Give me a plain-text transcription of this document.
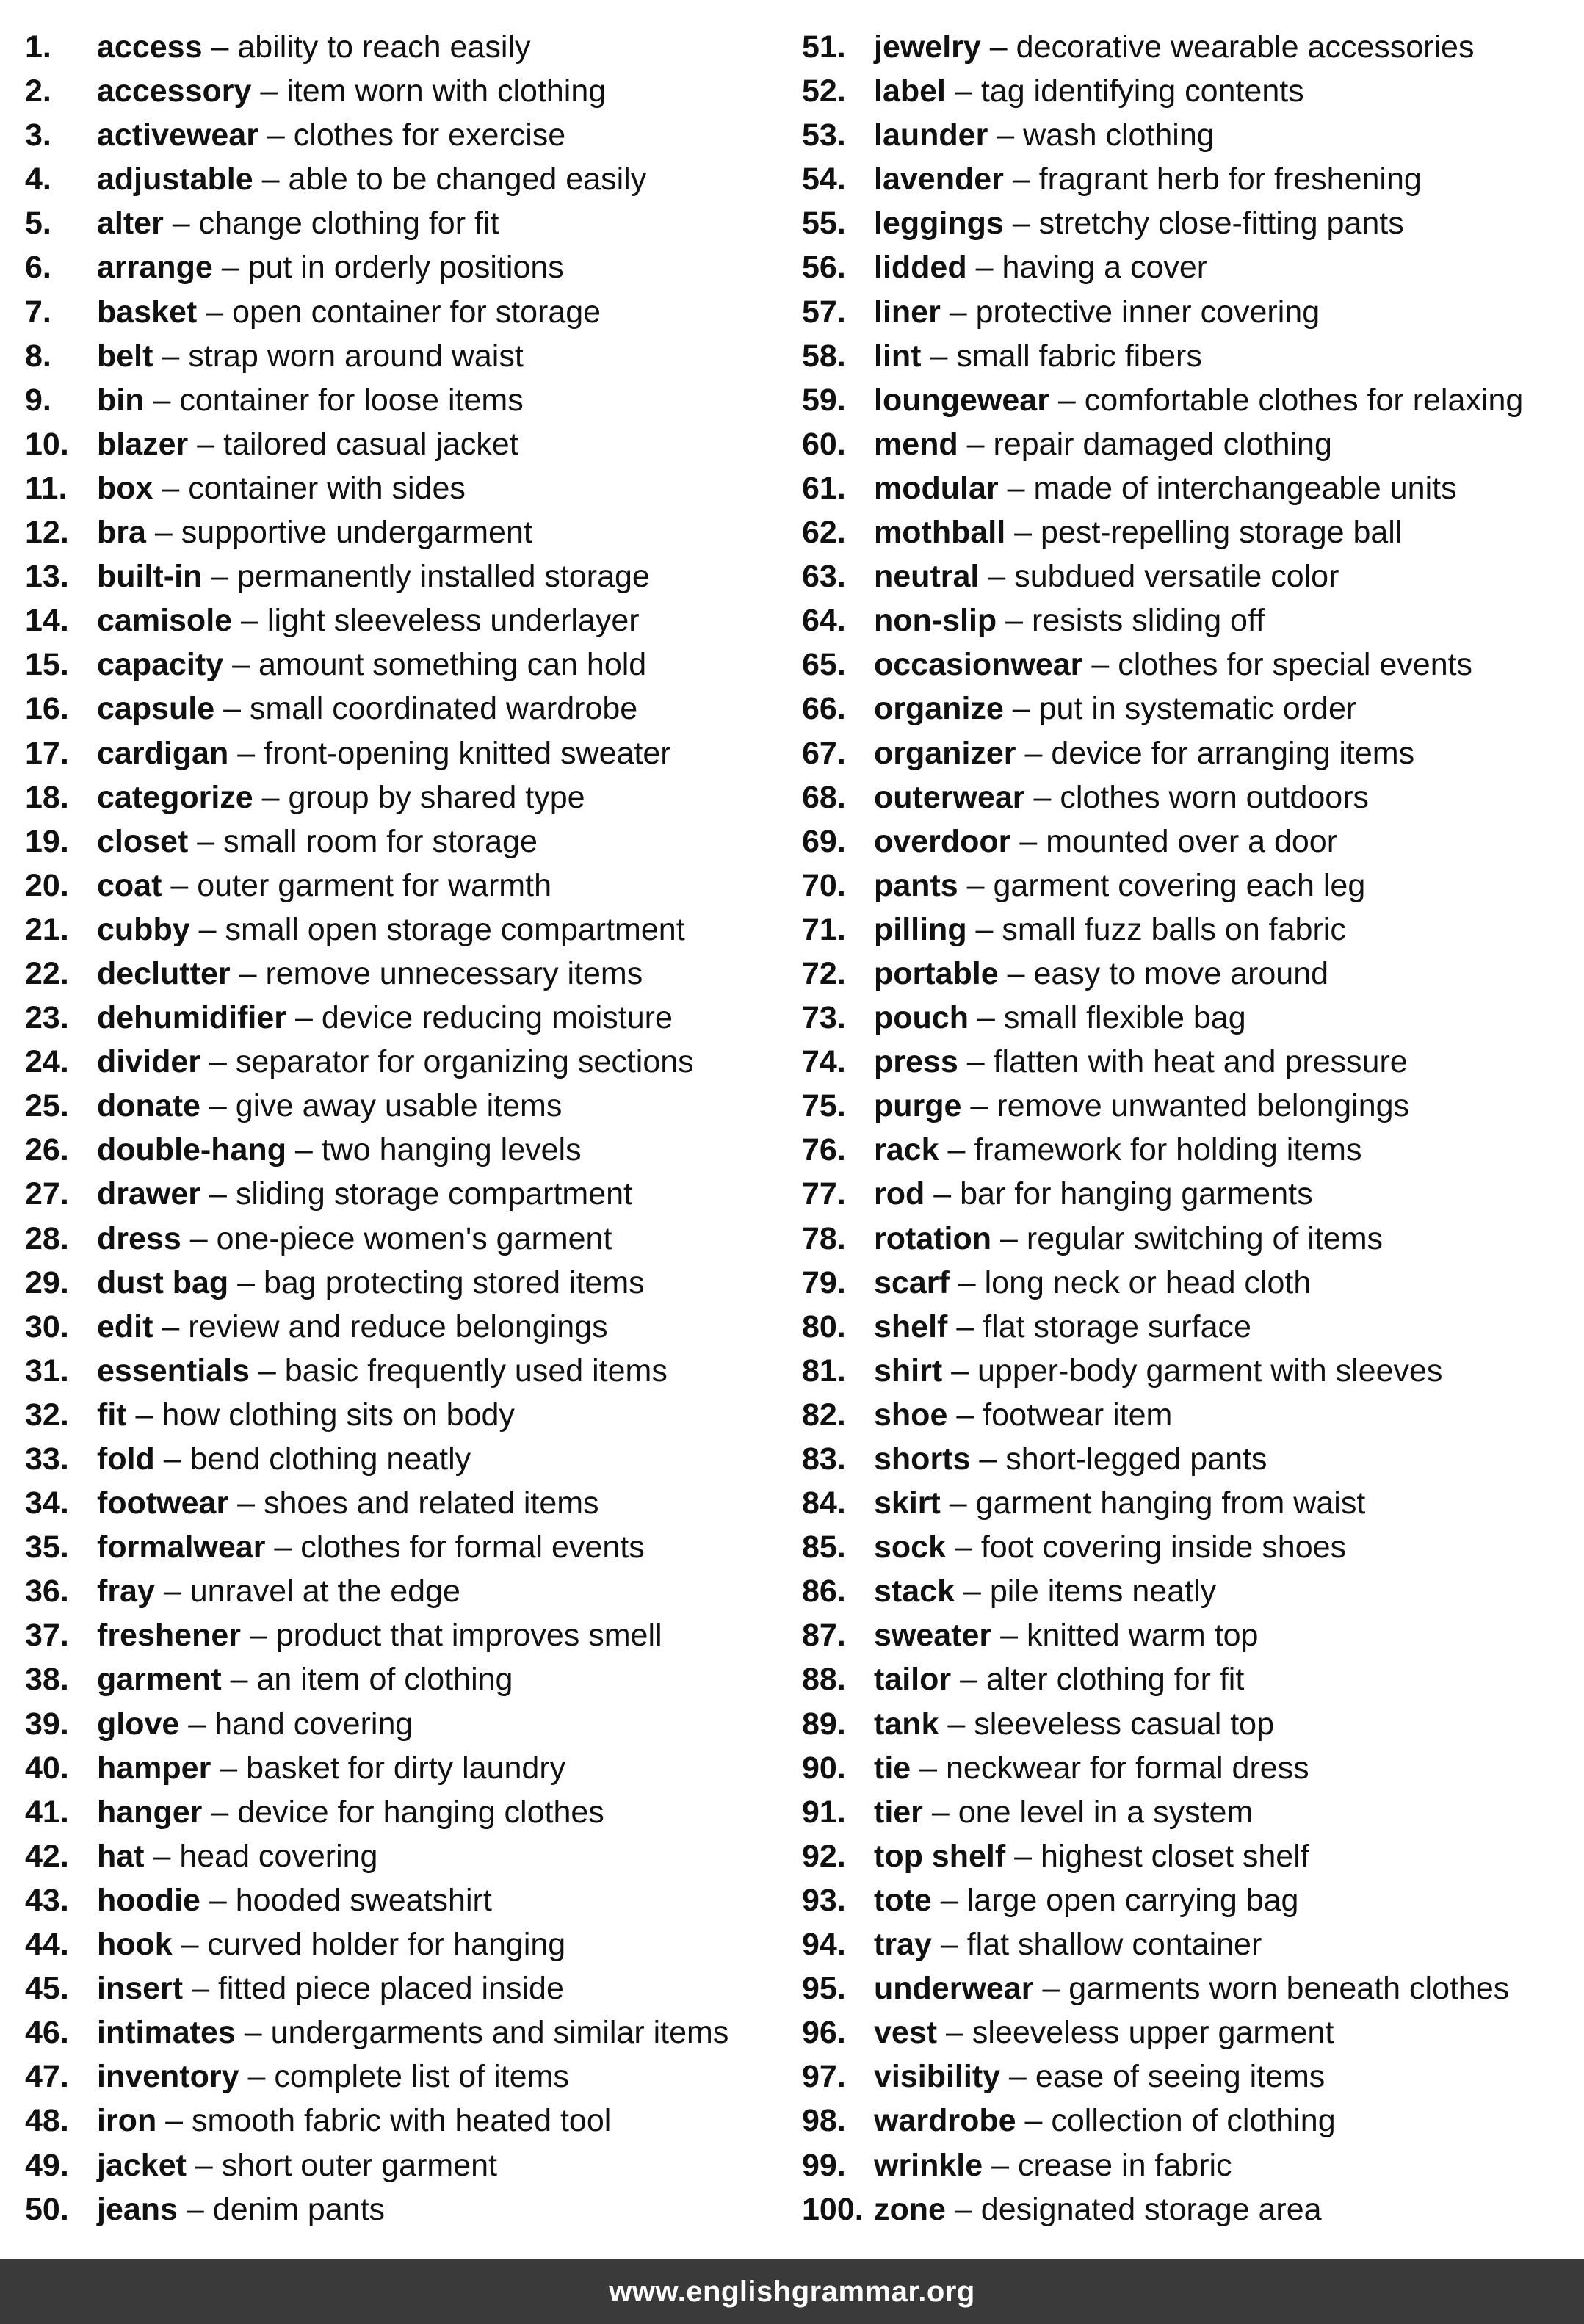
1.	access – ability to reach easily
2.	accessory – item worn with clothing
3.	activewear – clothes for exercise
4.	adjustable – able to be changed easily
5.	alter – change clothing for fit
6.	arrange – put in orderly positions
7.	basket – open container for storage
8.	belt – strap worn around waist
9.	bin – container for loose items
10. blazer – tailored casual jacket
11. box – container with sides
12. bra – supportive undergarment
13. built-in – permanently installed storage
14. camisole – light sleeveless underlayer
15. capacity – amount something can hold
16. capsule – small coordinated wardrobe
17. cardigan – front-opening knitted sweater
18. categorize – group by shared type
19. closet – small room for storage
20. coat – outer garment for warmth
21. cubby – small open storage compartment
22. declutter – remove unnecessary items
23. dehumidifier – device reducing moisture
24. divider – separator for organizing sections
25. donate – give away usable items
26. double-hang – two hanging levels
27. drawer – sliding storage compartment
28. dress – one-piece women's garment
29. dust bag – bag protecting stored items
30. edit – review and reduce belongings
31. essentials – basic frequently used items
32. fit – how clothing sits on body
33. fold – bend clothing neatly
34. footwear – shoes and related items
35. formalwear – clothes for formal events
36. fray – unravel at the edge
37. freshener – product that improves smell
38. garment – an item of clothing
39. glove – hand covering
40. hamper – basket for dirty laundry
41. hanger – device for hanging clothes
42. hat – head covering
43. hoodie – hooded sweatshirt
44. hook – curved holder for hanging
45. insert – fitted piece placed inside
46. intimates – undergarments and similar items
47. inventory – complete list of items
48. iron – smooth fabric with heated tool
49. jacket – short outer garment
50. jeans – denim pants
51. jewelry – decorative wearable accessories
52. label – tag identifying contents
53. launder – wash clothing
54. lavender – fragrant herb for freshening
55. leggings – stretchy close-fitting pants
56. lidded – having a cover
57. liner – protective inner covering
58. lint – small fabric fibers
59. loungewear – comfortable clothes for relaxing
60. mend – repair damaged clothing
61. modular – made of interchangeable units
62. mothball – pest-repelling storage ball
63. neutral – subdued versatile color
64. non-slip – resists sliding off
65. occasionwear – clothes for special events
66. organize – put in systematic order
67. organizer – device for arranging items
68. outerwear – clothes worn outdoors
69. overdoor – mounted over a door
70. pants – garment covering each leg
71. pilling – small fuzz balls on fabric
72. portable – easy to move around
73. pouch – small flexible bag
74. press – flatten with heat and pressure
75. purge – remove unwanted belongings
76. rack – framework for holding items
77. rod – bar for hanging garments
78. rotation – regular switching of items
79. scarf – long neck or head cloth
80. shelf – flat storage surface
81. shirt – upper-body garment with sleeves
82. shoe – footwear item
83. shorts – short-legged pants
84. skirt – garment hanging from waist
85. sock – foot covering inside shoes
86. stack – pile items neatly
87. sweater – knitted warm top
88. tailor – alter clothing for fit
89. tank – sleeveless casual top
90. tie – neckwear for formal dress
91. tier – one level in a system
92. top shelf – highest closet shelf
93. tote – large open carrying bag
94. tray – flat shallow container
95. underwear – garments worn beneath clothes
96. vest – sleeveless upper garment
97. visibility – ease of seeing items
98. wardrobe – collection of clothing
99. wrinkle – crease in fabric
100. zone – designated storage area
www.englishgrammar.org
